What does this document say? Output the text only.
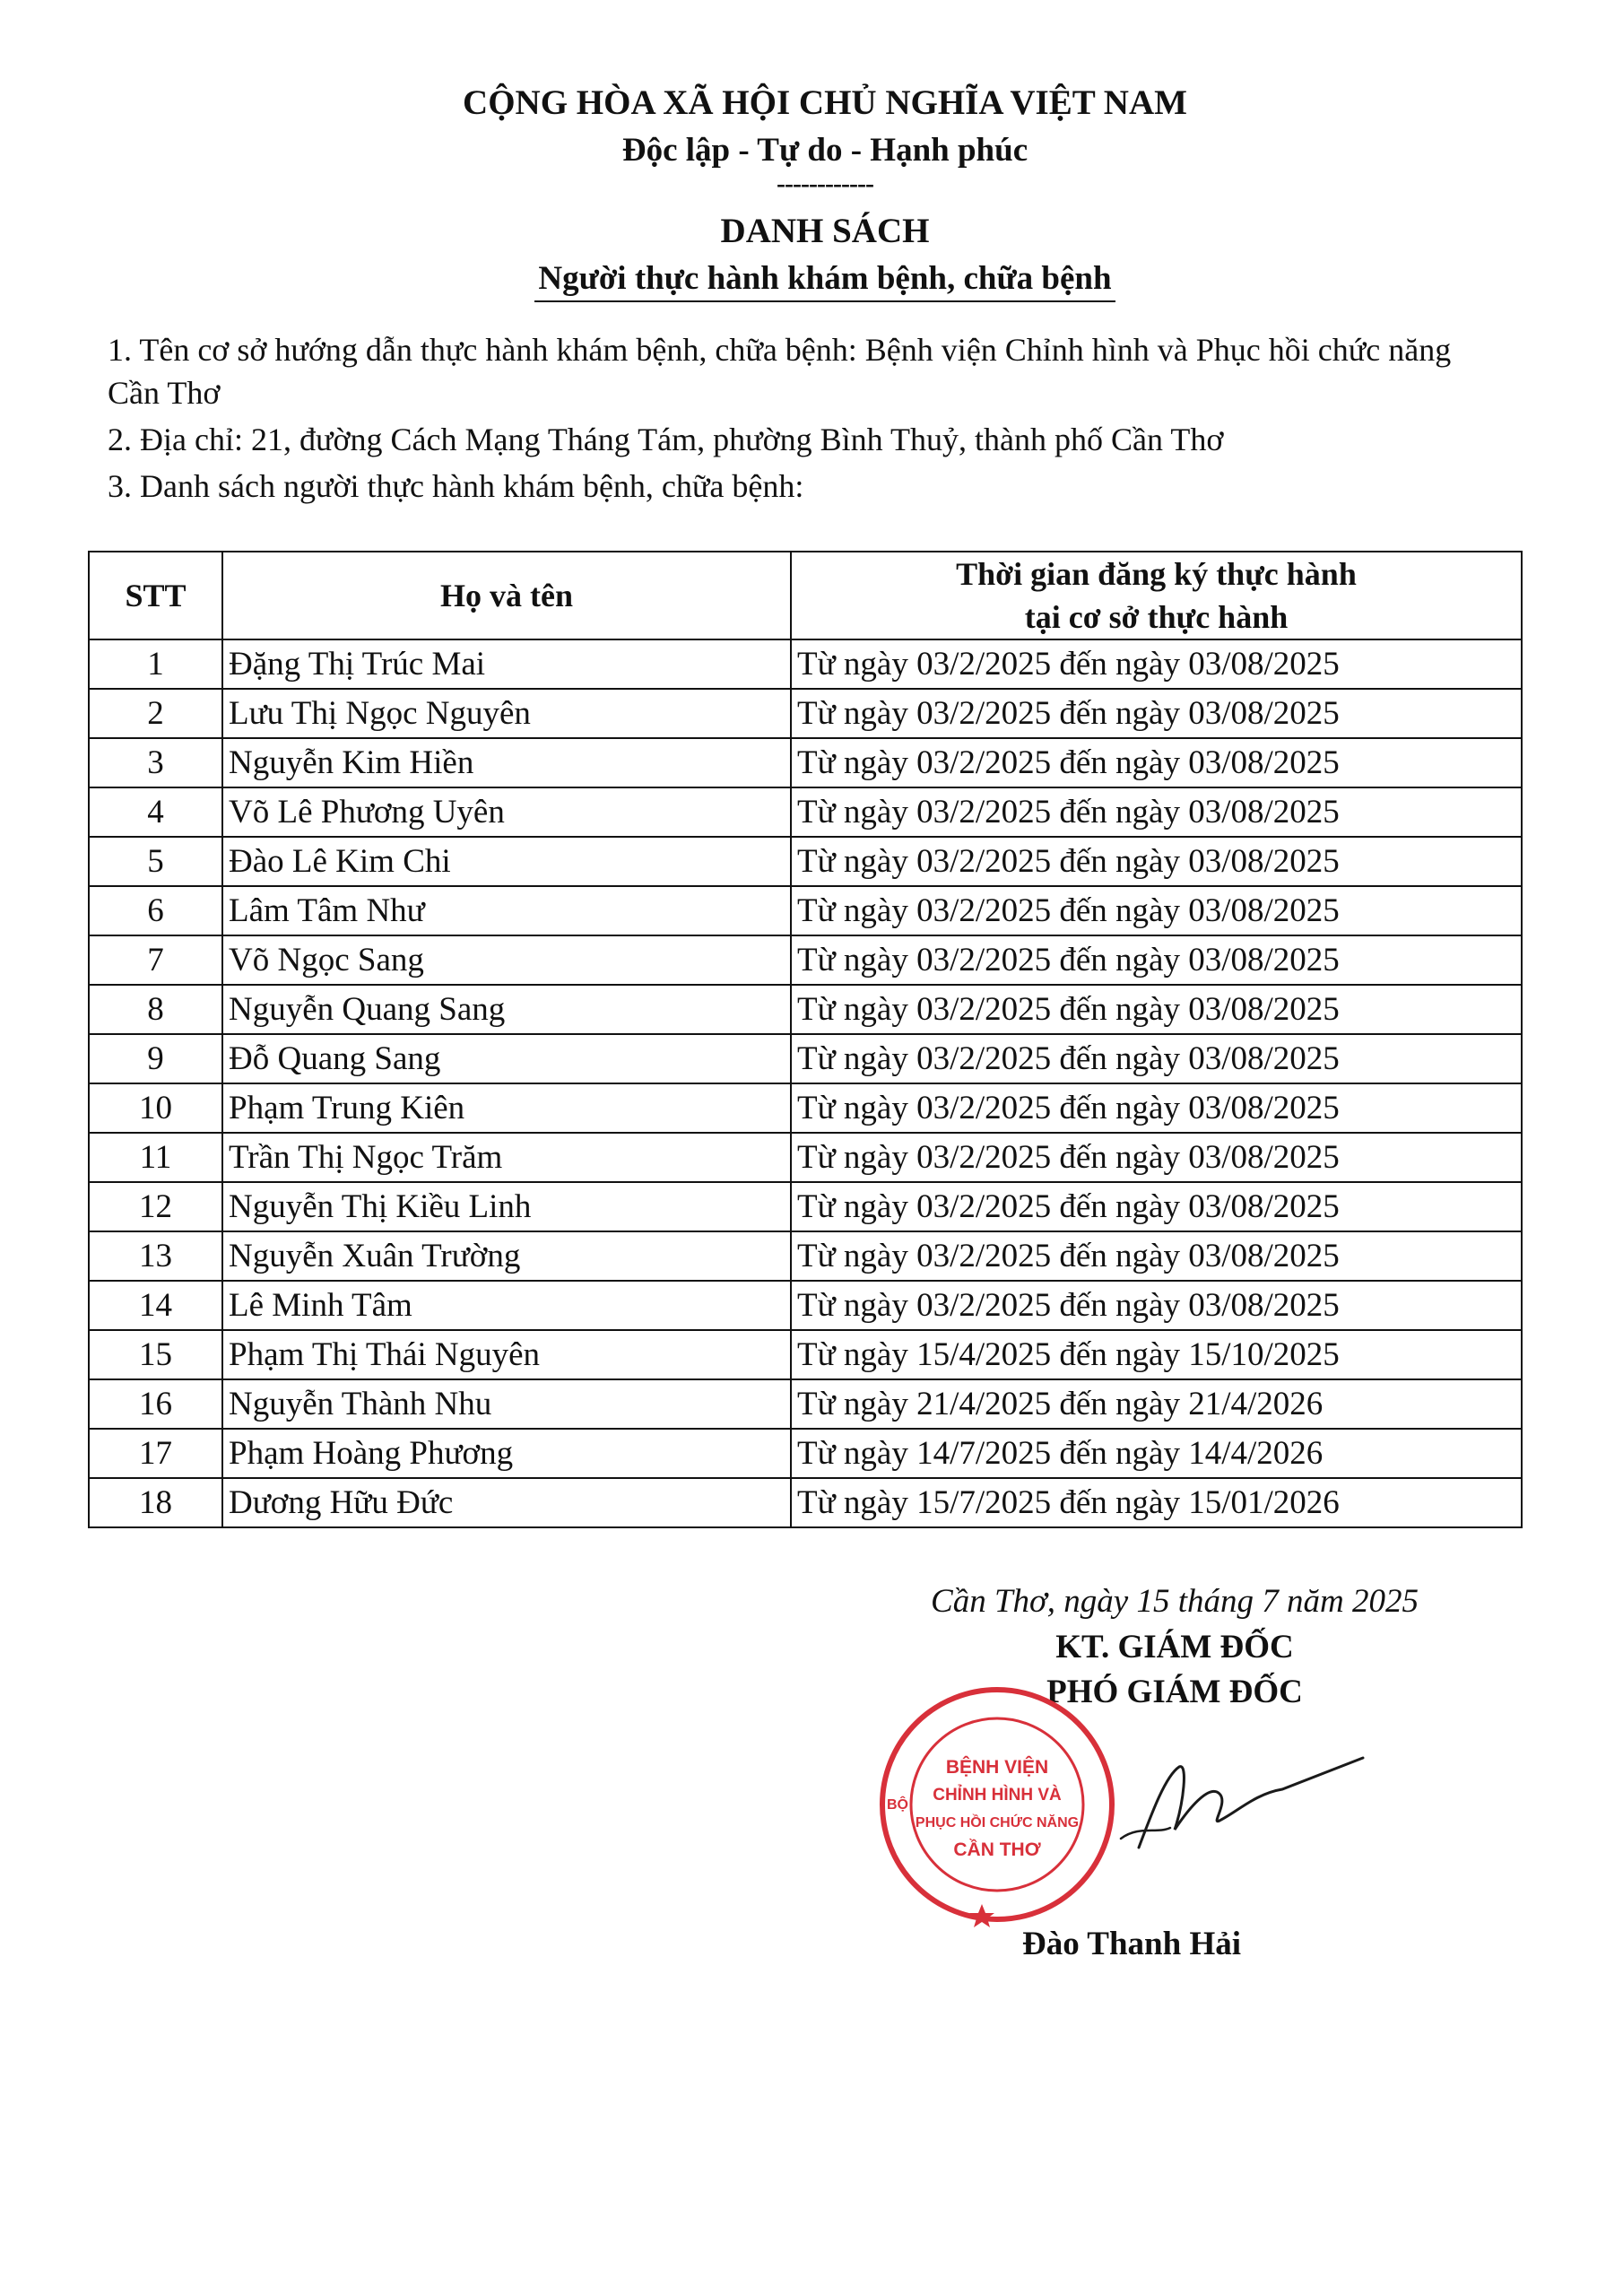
CỘNG HÒA XÃ HỘI CHỦ NGHĨA VIỆT NAM
Độc lập - Tự do - Hạnh phúc
------------
DANH SÁCH
Người thực hành khám bệnh, chữa bệnh

1. Tên cơ sở hướng dẫn thực hành khám bệnh, chữa bệnh: Bệnh viện Chỉnh hình và Phục hồi chức năng Cần Thơ

2. Địa chỉ: 21, đường Cách Mạng Tháng Tám, phường Bình Thuỷ, thành phố Cần Thơ

3. Danh sách người thực hành khám bệnh, chữa bệnh:

STT	Họ và tên	Thời gian đăng ký thực hành
tại cơ sở thực hành

1	Đặng Thị Trúc Mai	Từ ngày 03/2/2025 đến ngày 03/08/2025
2	Lưu Thị Ngọc Nguyên	Từ ngày 03/2/2025 đến ngày 03/08/2025
3	Nguyễn Kim Hiền	Từ ngày 03/2/2025 đến ngày 03/08/2025
4	Võ Lê Phương Uyên	Từ ngày 03/2/2025 đến ngày 03/08/2025
5	Đào Lê Kim Chi	Từ ngày 03/2/2025 đến ngày 03/08/2025
6	Lâm Tâm Như	Từ ngày 03/2/2025 đến ngày 03/08/2025
7	Võ Ngọc Sang	Từ ngày 03/2/2025 đến ngày 03/08/2025
8	Nguyễn Quang Sang	Từ ngày 03/2/2025 đến ngày 03/08/2025
9	Đỗ Quang Sang	Từ ngày 03/2/2025 đến ngày 03/08/2025
10	Phạm Trung Kiên	Từ ngày 03/2/2025 đến ngày 03/08/2025
11	Trần Thị Ngọc Trăm	Từ ngày 03/2/2025 đến ngày 03/08/2025
12	Nguyễn Thị Kiều Linh	Từ ngày 03/2/2025 đến ngày 03/08/2025
13	Nguyễn Xuân Trường	Từ ngày 03/2/2025 đến ngày 03/08/2025
14	Lê Minh Tâm	Từ ngày 03/2/2025 đến ngày 03/08/2025
15	Phạm Thị Thái Nguyên	Từ ngày 15/4/2025 đến ngày 15/10/2025
16	Nguyễn Thành Nhu	Từ ngày 21/4/2025 đến ngày 21/4/2026
17	Phạm Hoàng Phương	Từ ngày 14/7/2025 đến ngày 14/4/2026
18	Dương Hữu Đức	Từ ngày 15/7/2025 đến ngày 15/01/2026
Cần Thơ, ngày 15 tháng 7 năm 2025
KT. GIÁM ĐỐC
PHÓ GIÁM ĐỐC
BỆNH VIỆN
CHỈNH HÌNH VÀ
PHỤC HỒI CHỨC NĂNG
CẦN THƠ
BỘ
Đào Thanh Hải
